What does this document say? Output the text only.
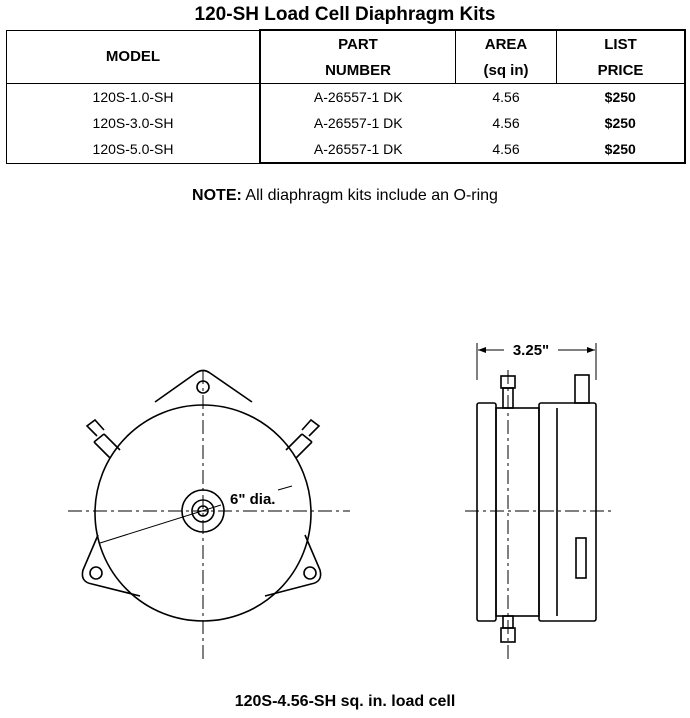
120-SH Load Cell Diaphragm Kits
MODEL	PART	AREA	LIST
	NUMBER	(sq in)	PRICE
120S-1.0-SH	A-26557-1 DK	4.56	$250
120S-3.0-SH	A-26557-1 DK	4.56	$250
120S-5.0-SH	A-26557-1 DK	4.56	$250
NOTE: All diaphragm kits include an O-ring
6" dia.
3.25"
120S-4.56-SH sq. in. load cell
